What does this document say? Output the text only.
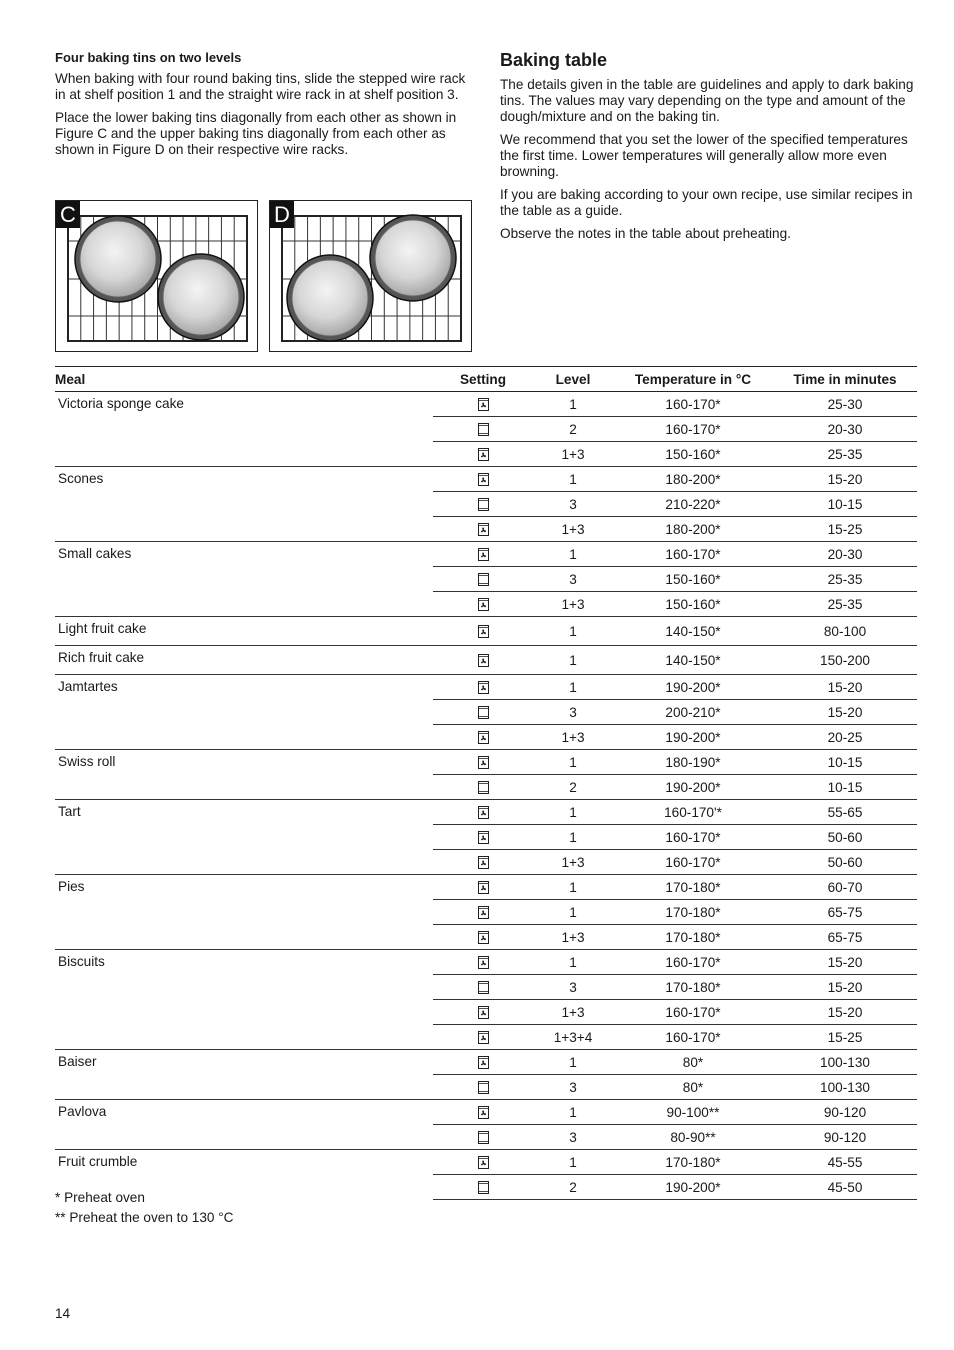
Four baking tins on two levels

When baking with four round baking tins, slide the stepped wire rack in at shelf position 1 and the straight wire rack in at shelf position 3.

Place the lower baking tins diagonally from each other as shown in Figure C and the upper baking tins diagonally from each other as shown in Figure D on their respective wire racks.

C	D
Baking table

The details given in the table are guidelines and apply to dark baking tins. The values may vary depending on the type and amount of the dough/mixture and on the baking tin.

We recommend that you set the lower of the specified temperatures the first time. Lower temperatures will generally allow more even browning.

If you are baking according to your own recipe, use similar recipes in the table as a guide.

Observe the notes in the table about preheating.

Meal	Setting	Level	Temperature in °C	Time in minutes
Victoria sponge cake		1	160-170*	25-30
	2	160-170*	20-30
	1+3	150-160*	25-35
Scones		1	180-200*	15-20
	3	210-220*	10-15
	1+3	180-200*	15-25
Small cakes		1	160-170*	20-30
	3	150-160*	25-35
	1+3	150-160*	25-35
Light fruit cake		1	140-150*	80-100
Rich fruit cake		1	140-150*	150-200
Jamtartes		1	190-200*	15-20
	3	200-210*	15-20
	1+3	190-200*	20-25
Swiss roll		1	180-190*	10-15
	2	190-200*	10-15
Tart		1	160-170'*	55-65
	1	160-170*	50-60
	1+3	160-170*	50-60
Pies		1	170-180*	60-70
	1	170-180*	65-75
	1+3	170-180*	65-75
Biscuits		1	160-170*	15-20
	3	170-180*	15-20
	1+3	160-170*	15-20
	1+3+4	160-170*	15-25
Baiser		1	80*	100-130
	3	80*	100-130
Pavlova		1	90-100**	90-120
	3	80-90**	90-120
Fruit crumble		1	170-180*	45-55
	2	190-200*	45-50
* Preheat oven
** Preheat the oven to 130 °C
14
